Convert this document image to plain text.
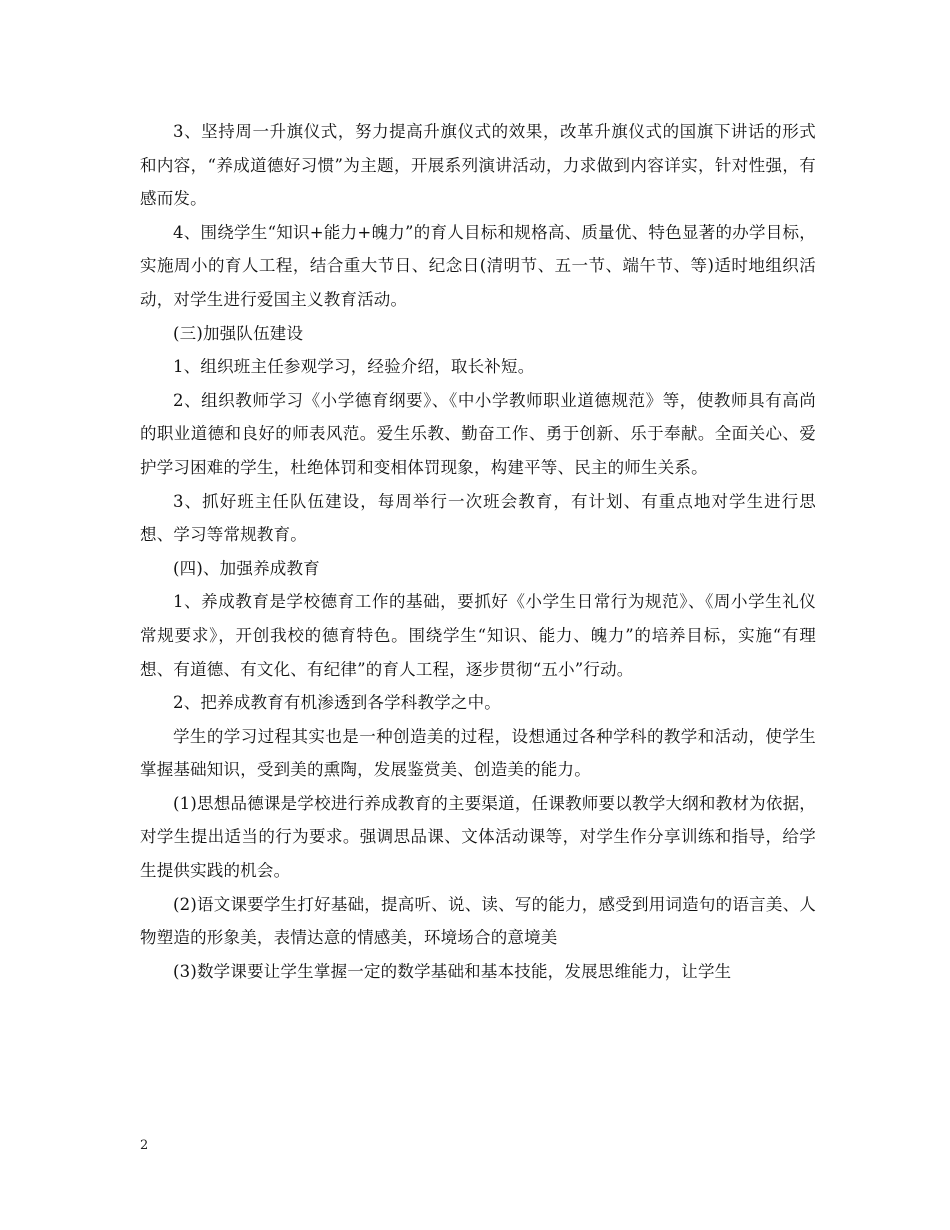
3、坚持周一升旗仪式，努力提高升旗仪式的效果，改革升旗仪式的国旗下讲话的形式和内容，“养成道德好习惯”为主题，开展系列演讲活动，力求做到内容详实，针对性强，有感而发。

4、围绕学生“知识+能力+魄力”的育人目标和规格高、质量优、特色显著的办学目标，实施周小的育人工程，结合重大节日、纪念日(清明节、五一节、端午节、等)适时地组织活动，对学生进行爱国主义教育活动。

(三)加强队伍建设

1、组织班主任参观学习，经验介绍，取长补短。

2、组织教师学习《小学德育纲要》、《中小学教师职业道德规范》等，使教师具有高尚的职业道德和良好的师表风范。爱生乐教、勤奋工作、勇于创新、乐于奉献。全面关心、爱护学习困难的学生，杜绝体罚和变相体罚现象，构建平等、民主的师生关系。

3、抓好班主任队伍建设，每周举行一次班会教育，有计划、有重点地对学生进行思想、学习等常规教育。

(四)、加强养成教育

1、养成教育是学校德育工作的基础，要抓好《小学生日常行为规范》、《周小学生礼仪常规要求》，开创我校的德育特色。围绕学生“知识、能力、魄力”的培养目标，实施“有理想、有道德、有文化、有纪律”的育人工程，逐步贯彻“五小”行动。

2、把养成教育有机渗透到各学科教学之中。

学生的学习过程其实也是一种创造美的过程，设想通过各种学科的教学和活动，使学生掌握基础知识，受到美的熏陶，发展鉴赏美、创造美的能力。

(1)思想品德课是学校进行养成教育的主要渠道，任课教师要以教学大纲和教材为依据，对学生提出适当的行为要求。强调思品课、文体活动课等，对学生作分享训练和指导，给学生提供实践的机会。

(2)语文课要学生打好基础，提高听、说、读、写的能力，感受到用词造句的语言美、人物塑造的形象美，表情达意的情感美，环境场合的意境美

(3)数学课要让学生掌握一定的数学基础和基本技能，发展思维能力，让学生

2
